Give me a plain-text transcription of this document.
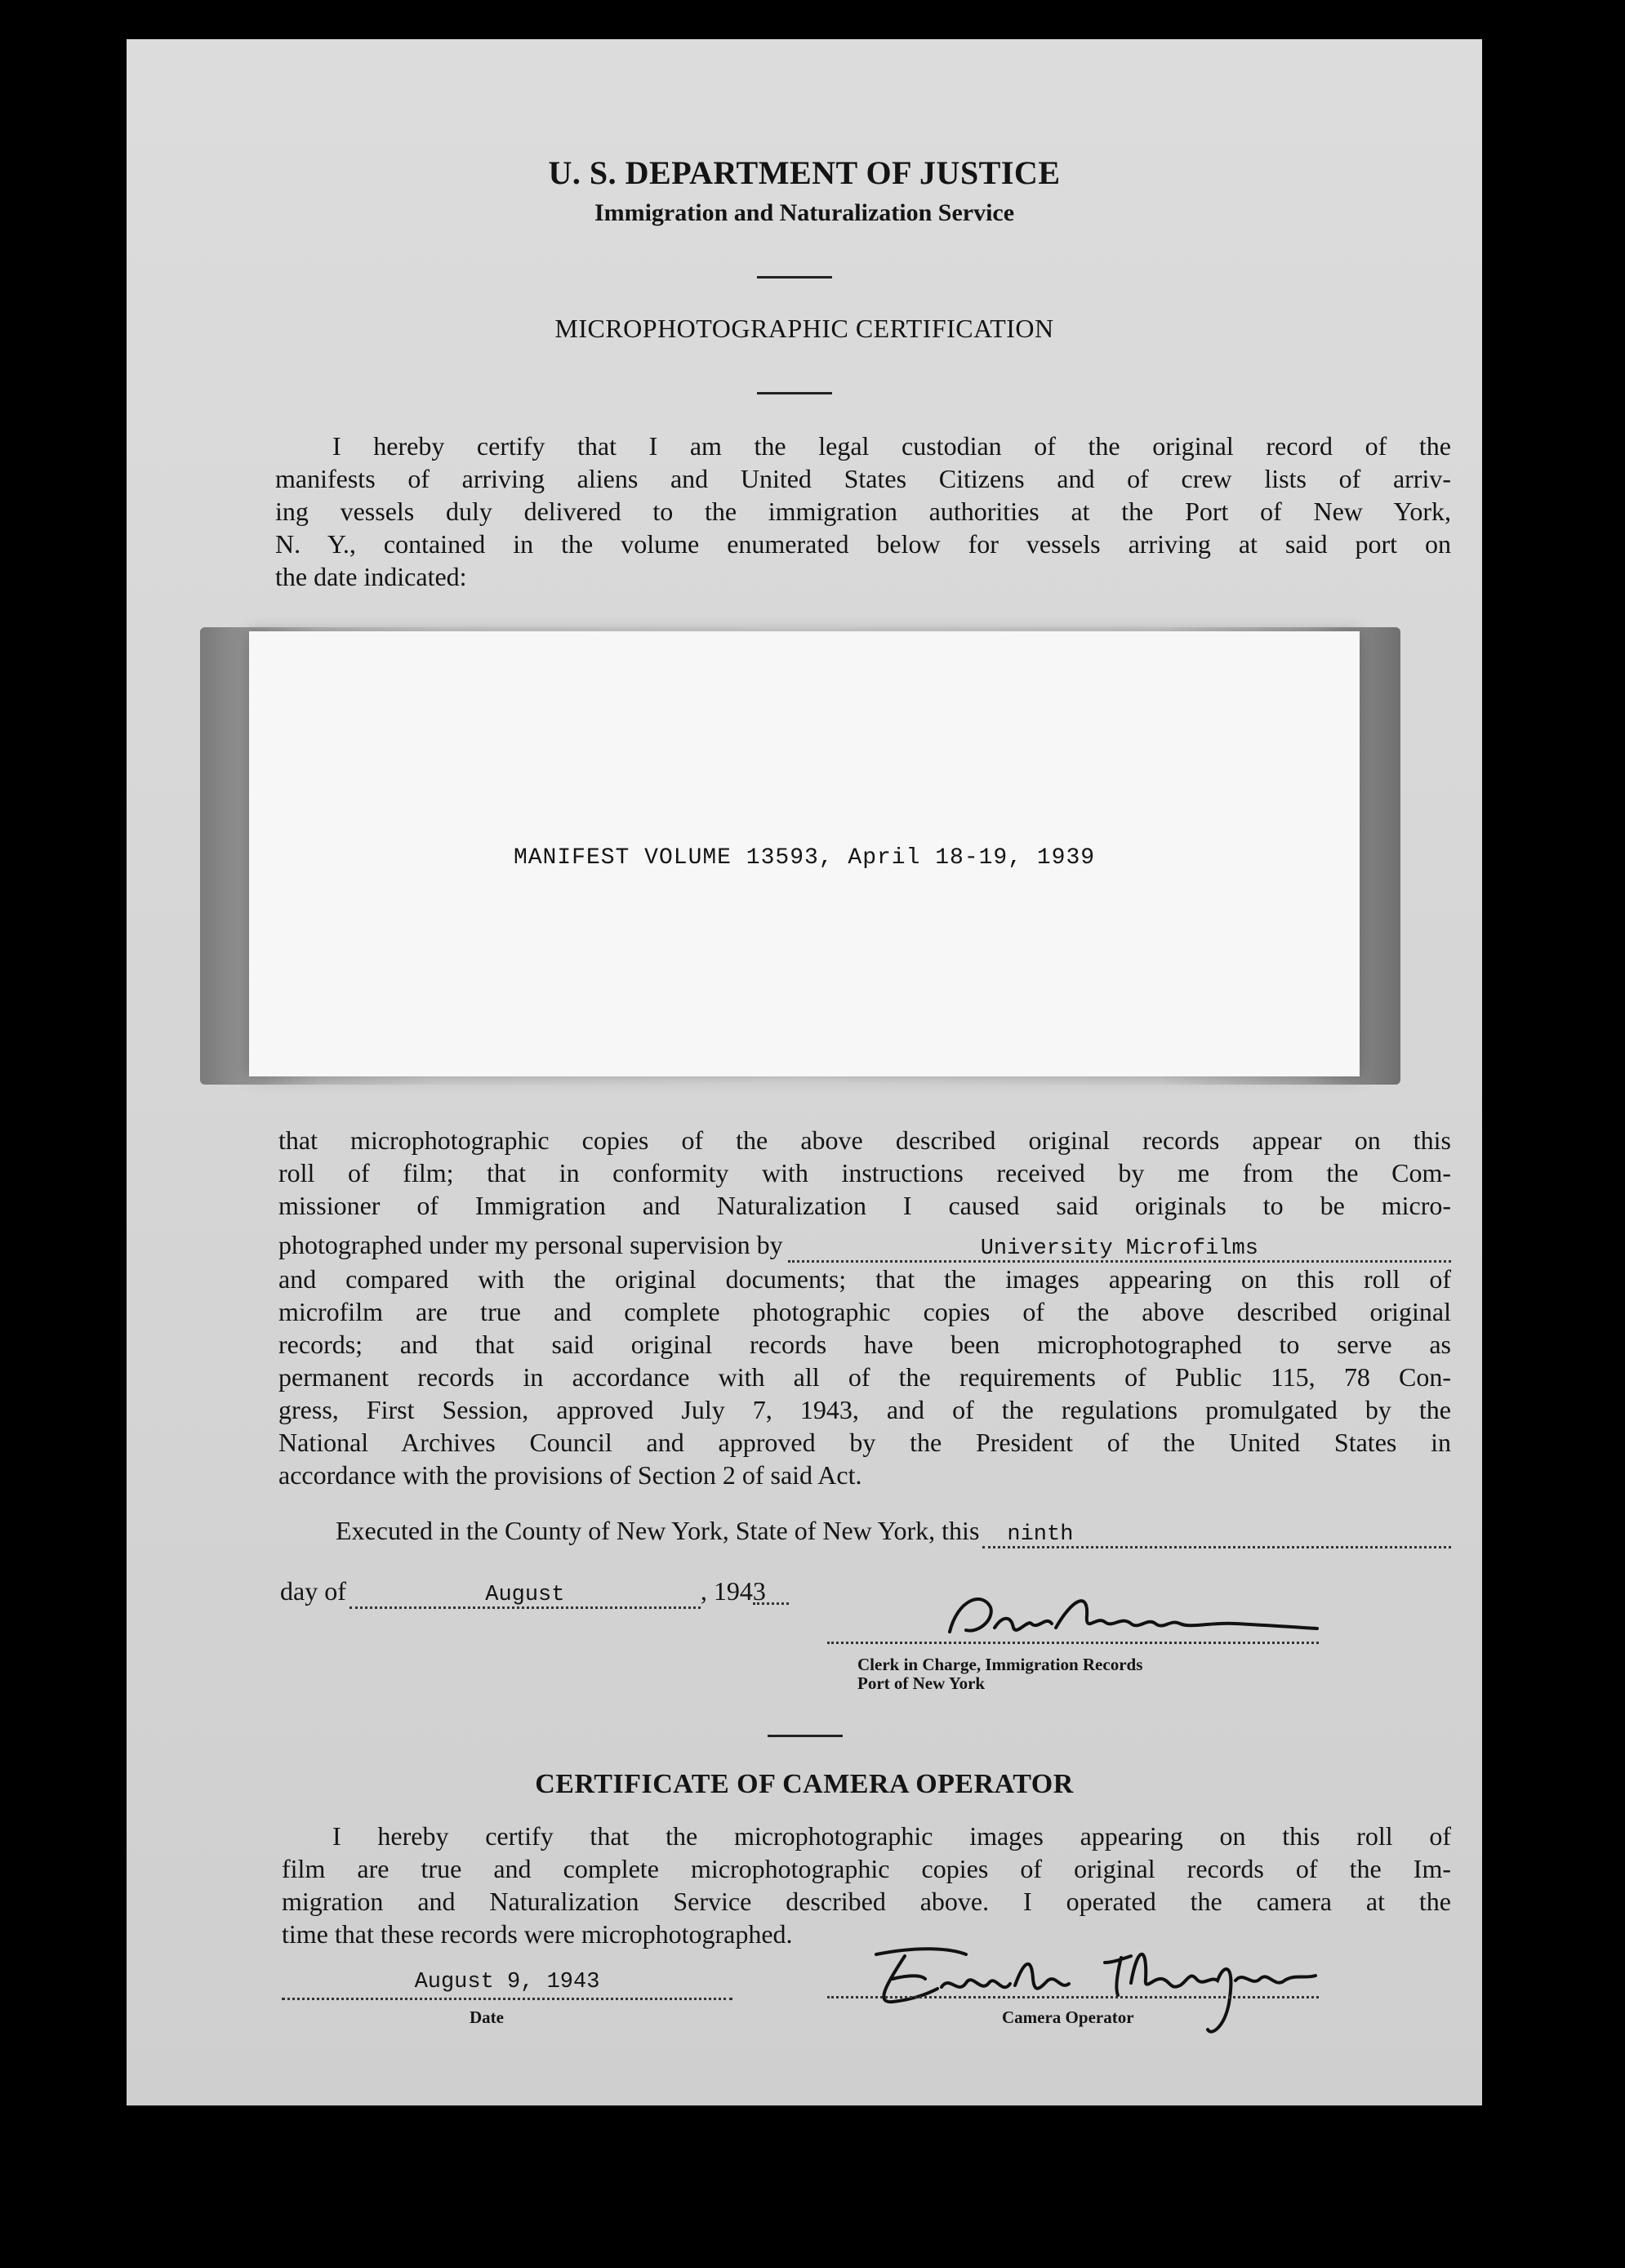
U. S. DEPARTMENT OF JUSTICE
Immigration and Naturalization Service
MICROPHOTOGRAPHIC CERTIFICATION
I hereby certify that I am the legal custodian of the original record of the
manifests of arriving aliens and United States Citizens and of crew lists of arriv-
ing vessels duly delivered to the immigration authorities at the Port of New York,
N. Y., contained in the volume enumerated below for vessels arriving at said port on
the date indicated:
MANIFEST VOLUME 13593, April 18-19, 1939
that microphotographic copies of the above described original records appear on this
roll of film; that in conformity with instructions received by me from the Com-
missioner of Immigration and Naturalization I caused said originals to be micro-
photographed under my personal supervision by	University Microfilms
and compared with the original documents; that the images appearing on this roll of
microfilm are true and complete photographic copies of the above described original
records; and that said original records have been microphotographed to serve as
permanent records in accordance with all of the requirements of Public 115, 78 Con-
gress, First Session, approved July 7, 1943, and of the regulations promulgated by the
National Archives Council and approved by the President of the United States in
accordance with the provisions of Section 2 of said Act.
Executed in the County of New York, State of New York, this	ninth
day of	August	, 194 3
Clerk in Charge, Immigration Records
Port of New York
CERTIFICATE OF CAMERA OPERATOR
I hereby certify that the microphotographic images appearing on this roll of
film are true and complete microphotographic copies of original records of the Im-
migration and Naturalization Service described above. I operated the camera at the
time that these records were microphotographed.
August 9, 1943
Date	Camera Operator
